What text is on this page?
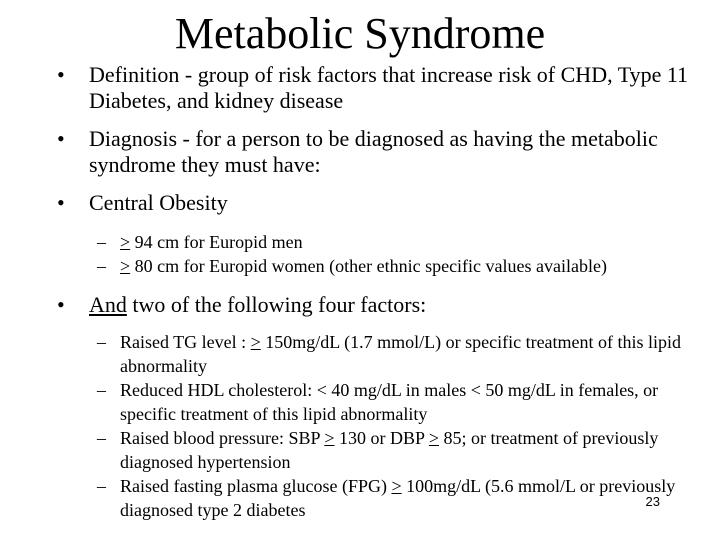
Metabolic Syndrome
• Definition - group of risk factors that increase risk of CHD, Type 11 Diabetes, and kidney disease
• Diagnosis - for a person to be diagnosed as having the metabolic syndrome they must have:
• Central Obesity
– ≥ 94 cm for Europid men
– ≥ 80 cm for Europid women (other ethnic specific values available)
• And two of the following four factors:
– Raised TG level : > 150mg/dL (1.7 mmol/L) or specific treatment of this lipid abnormality
– Reduced HDL cholesterol: < 40 mg/dL in males < 50 mg/dL in females, or specific treatment of this lipid abnormality
– Raised blood pressure: SBP ≥ 130 or DBP ≥ 85; or treatment of previously diagnosed hypertension
– Raised fasting plasma glucose (FPG) ≥ 100mg/dL (5.6 mmol/L or previously diagnosed type 2 diabetes	23
